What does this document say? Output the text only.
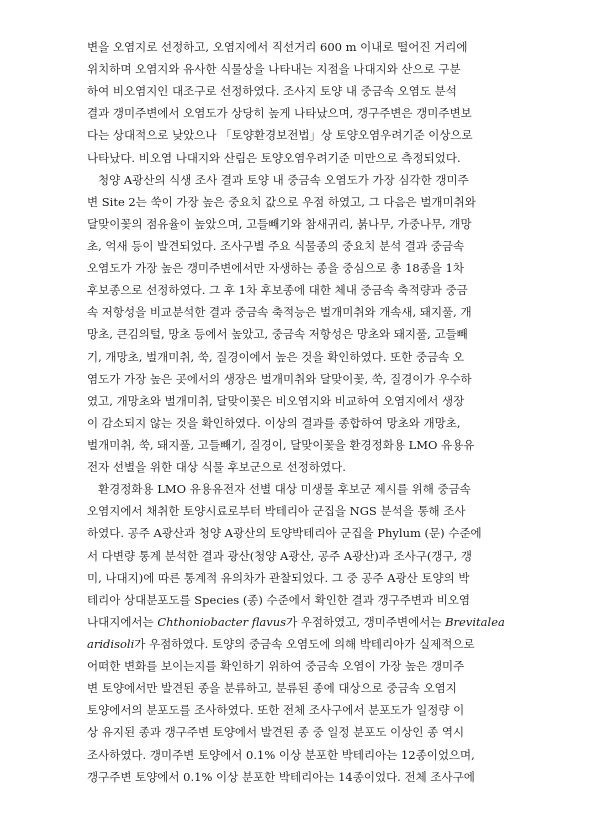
변을 오염지로 선정하고, 오염지에서 직선거리 600 m 이내로 떨어진 거리에
위치하며 오염지와 유사한 식물상을 나타내는 지점을 나대지와 산으로 구분
하여 비오염지인 대조구로 선정하였다. 조사지 토양 내 중금속 오염도 분석
결과 갱미주변에서 오염도가 상당히 높게 나타났으며, 갱구주변은 갱미주변보
다는 상대적으로 낮았으나 「토양환경보전법」상 토양오염우려기준 이상으로
나타났다. 비오염 나대지와 산림은 토양오염우려기준 미만으로 측정되었다.
청양 A광산의 식생 조사 결과 토양 내 중금속 오염도가 가장 심각한 갱미주
변 Site 2는 쑥이 가장 높은 중요치 값으로 우점 하였고, 그 다음은 벌개미취와
달맞이꽃의 점유율이 높았으며, 고들빼기와 참새귀리, 붉나무, 가중나무, 개망
초, 억새 등이 발견되었다. 조사구별 주요 식물종의 중요치 분석 결과 중금속
오염도가 가장 높은 갱미주변에서만 자생하는 종을 중심으로 총 18종을 1차
후보종으로 선정하였다. 그 후 1차 후보종에 대한 체내 중금속 축적량과 중금
속 저항성을 비교분석한 결과 중금속 축적능은 벌개미취와 개속새, 돼지풀, 개
망초, 큰김의털, 망초 등에서 높았고, 중금속 저항성은 망초와 돼지풀, 고들빼
기, 개망초, 벌개미취, 쑥, 질경이에서 높은 것을 확인하였다. 또한 중금속 오
염도가 가장 높은 곳에서의 생장은 벌개미취와 달맞이꽃, 쑥, 질경이가 우수하
였고, 개망초와 벌개미취, 달맞이꽃은 비오염지와 비교하여 오염지에서 생장
이 감소되지 않는 것을 확인하였다. 이상의 결과를 종합하여 망초와 개망초,
벌개미취, 쑥, 돼지풀, 고들빼기, 질경이, 달맞이꽃을 환경정화용 LMO 유용유
전자 선별을 위한 대상 식물 후보군으로 선정하였다.
환경정화용 LMO 유용유전자 선별 대상 미생물 후보군 제시를 위해 중금속
오염지에서 채취한 토양시료로부터 박테리아 군집을 NGS 분석을 통해 조사
하였다. 공주 A광산과 청양 A광산의 토양박테리아 군집을 Phylum (문) 수준에
서 다변량 통계 분석한 결과 광산(청양 A광산, 공주 A광산)과 조사구(갱구, 갱
미, 나대지)에 따른 통계적 유의차가 관찰되었다. 그 중 공주 A광산 토양의 박
테리아 상대분포도를 Species (종) 수준에서 확인한 결과 갱구주변과 비오염
나대지에서는 Chthoniobacter flavus가 우점하였고, 갱미주변에서는 Brevitalea
aridisoli가 우점하였다. 토양의 중금속 오염도에 의해 박테리아가 실제적으로
어떠한 변화를 보이는지를 확인하기 위하여 중금속 오염이 가장 높은 갱미주
변 토양에서만 발견된 종을 분류하고, 분류된 종에 대상으로 중금속 오염지
토양에서의 분포도를 조사하였다. 또한 전체 조사구에서 분포도가 일정량 이
상 유지된 종과 갱구주변 토양에서 발견된 종 중 일정 분포도 이상인 종 역시
조사하였다. 갱미주변 토양에서 0.1% 이상 분포한 박테리아는 12종이었으며,
갱구주변 토양에서 0.1% 이상 분포한 박테리아는 14종이었다. 전체 조사구에
